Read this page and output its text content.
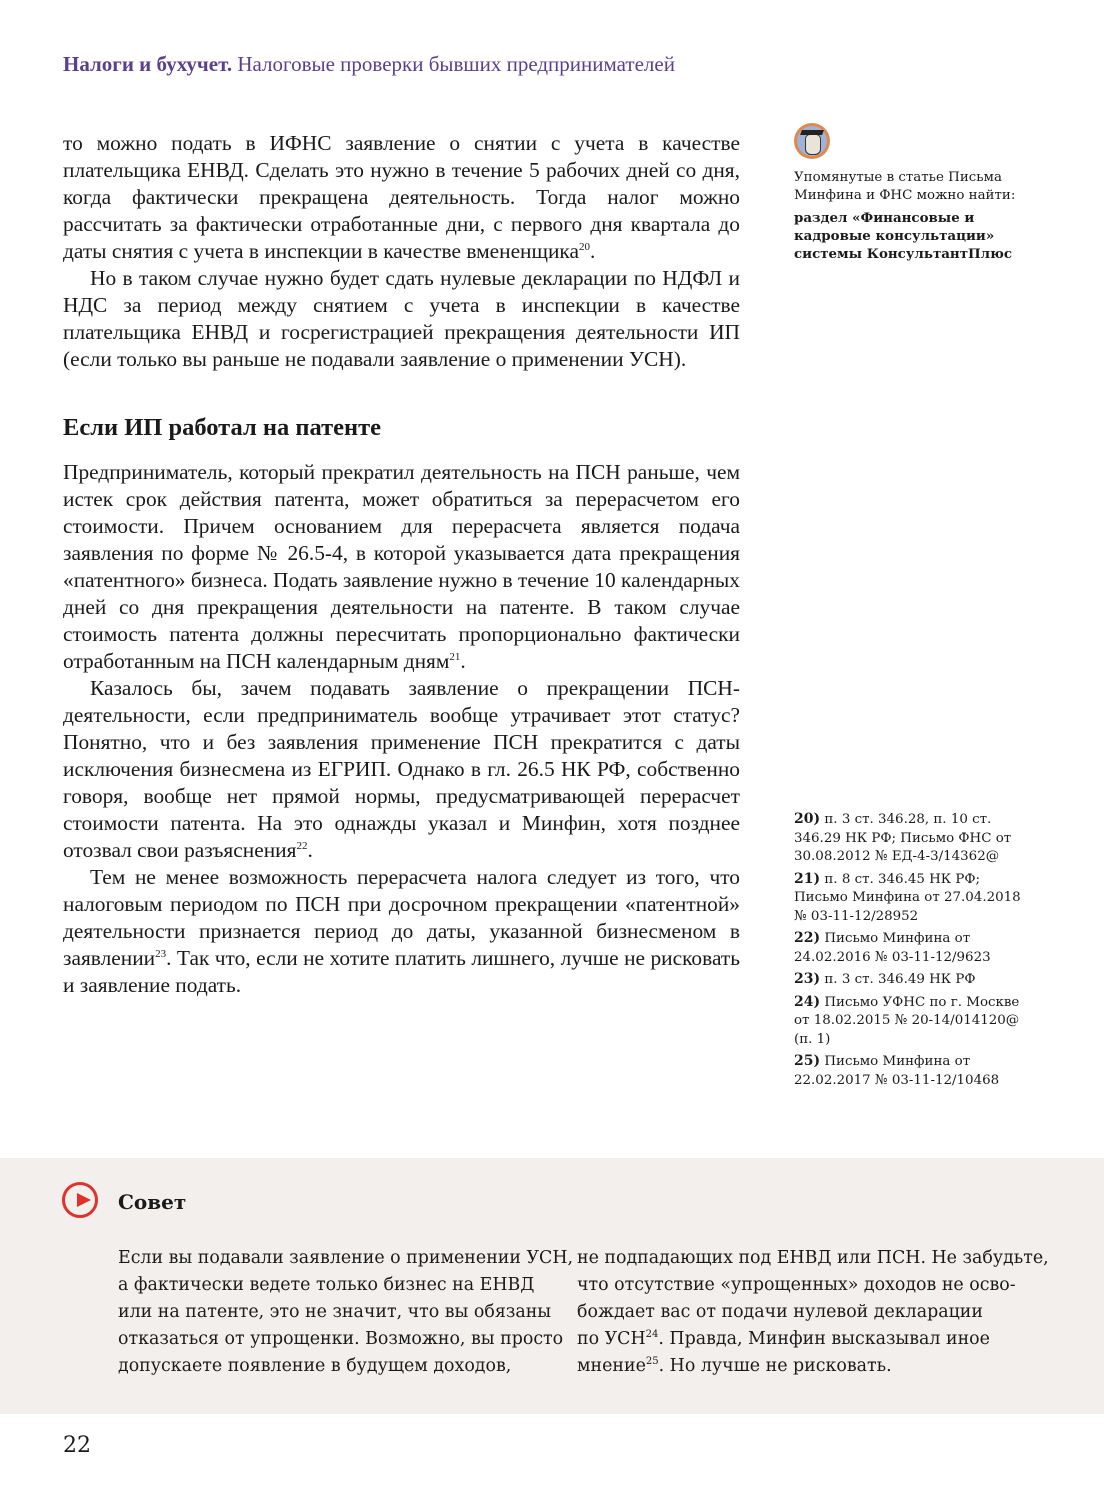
Налоги и бухучет. Налоговые проверки бывших предпринимателей

то можно подать в ИФНС заявление о снятии с учета в качестве плательщика ЕНВД. Сделать это нужно в течение 5 рабочих дней со дня, когда фактически прекращена деятельность. Тогда налог можно рассчитать за фактически отработанные дни, с первого дня квартала до даты снятия с учета в инспекции в качестве вмененщика$^{20}$.

Но в таком случае нужно будет сдать нулевые декларации по НДФЛ и НДС за период между снятием с учета в инспекции в качестве плательщика ЕНВД и госрегистрацией прекращения деятельности ИП (если только вы раньше не подавали заявление о применении УСН).

Если ИП работал на патенте

Предприниматель, который прекратил деятельность на ПСН раньше, чем истек срок действия патента, может обратиться за перерасчетом его стоимости. Причем основанием для перерасчета является подача заявления по форме № 26.5-4, в которой указывается дата прекращения «патентного» бизнеса. Подать заявление нужно в течение 10 календарных дней со дня прекращения деятельности на патенте. В таком случае стоимость патента должны пересчитать пропорционально фактически отработанным на ПСН календарным дням$^{21}$.

Казалось бы, зачем подавать заявление о прекращении ПСН-деятельности, если предприниматель вообще утрачивает этот статус? Понятно, что и без заявления применение ПСН прекратится с даты исключения бизнесмена из ЕГРИП. Однако в гл. 26.5 НК РФ, собственно говоря, вообще нет прямой нормы, предусматривающей перерасчет стоимости патента. На это однажды указал и Минфин, хотя позднее отозвал свои разъяснения$^{22}$.

Тем не менее возможность перерасчета налога следует из того, что налоговым периодом по ПСН при досрочном прекращении «патентной» деятельности признается период до даты, указанной бизнесменом в заявлении$^{23}$. Так что, если не хотите платить лишнего, лучше не рисковать и заявление подать.

Упомянутые в статье Письма Минфина и ФНС можно найти:

раздел «Финансовые и кадровые консультации» системы КонсультантПлюс

20) п. 3 ст. 346.28, п. 10 ст. 346.29 НК РФ; Письмо ФНС от 30.08.2012 № ЕД-4-3/14362@
21) п. 8 ст. 346.45 НК РФ; Письмо Минфина от 27.04.2018 № 03-11-12/28952
22) Письмо Минфина от 24.02.2016 № 03-11-12/9623
23) п. 3 ст. 346.49 НК РФ
24) Письмо УФНС по г. Москве от 18.02.2015 № 20-14/014120@ (п. 1)
25) Письмо Минфина от 22.02.2017 № 03-11-12/10468
Совет
Если вы подавали заявление о применении УСН,
а фактически ведете только бизнес на ЕНВД
или на патенте, это не значит, что вы обязаны
отказаться от упрощенки. Возможно, вы просто
допускаете появление в будущем доходов,
не подпадающих под ЕНВД или ПСН. Не забудьте,
что отсутствие «упрощенных» доходов не осво-
бождает вас от подачи нулевой декларации
по УСН$^{24}$. Правда, Минфин высказывал иное
мнение$^{25}$. Но лучше не рисковать.
22
